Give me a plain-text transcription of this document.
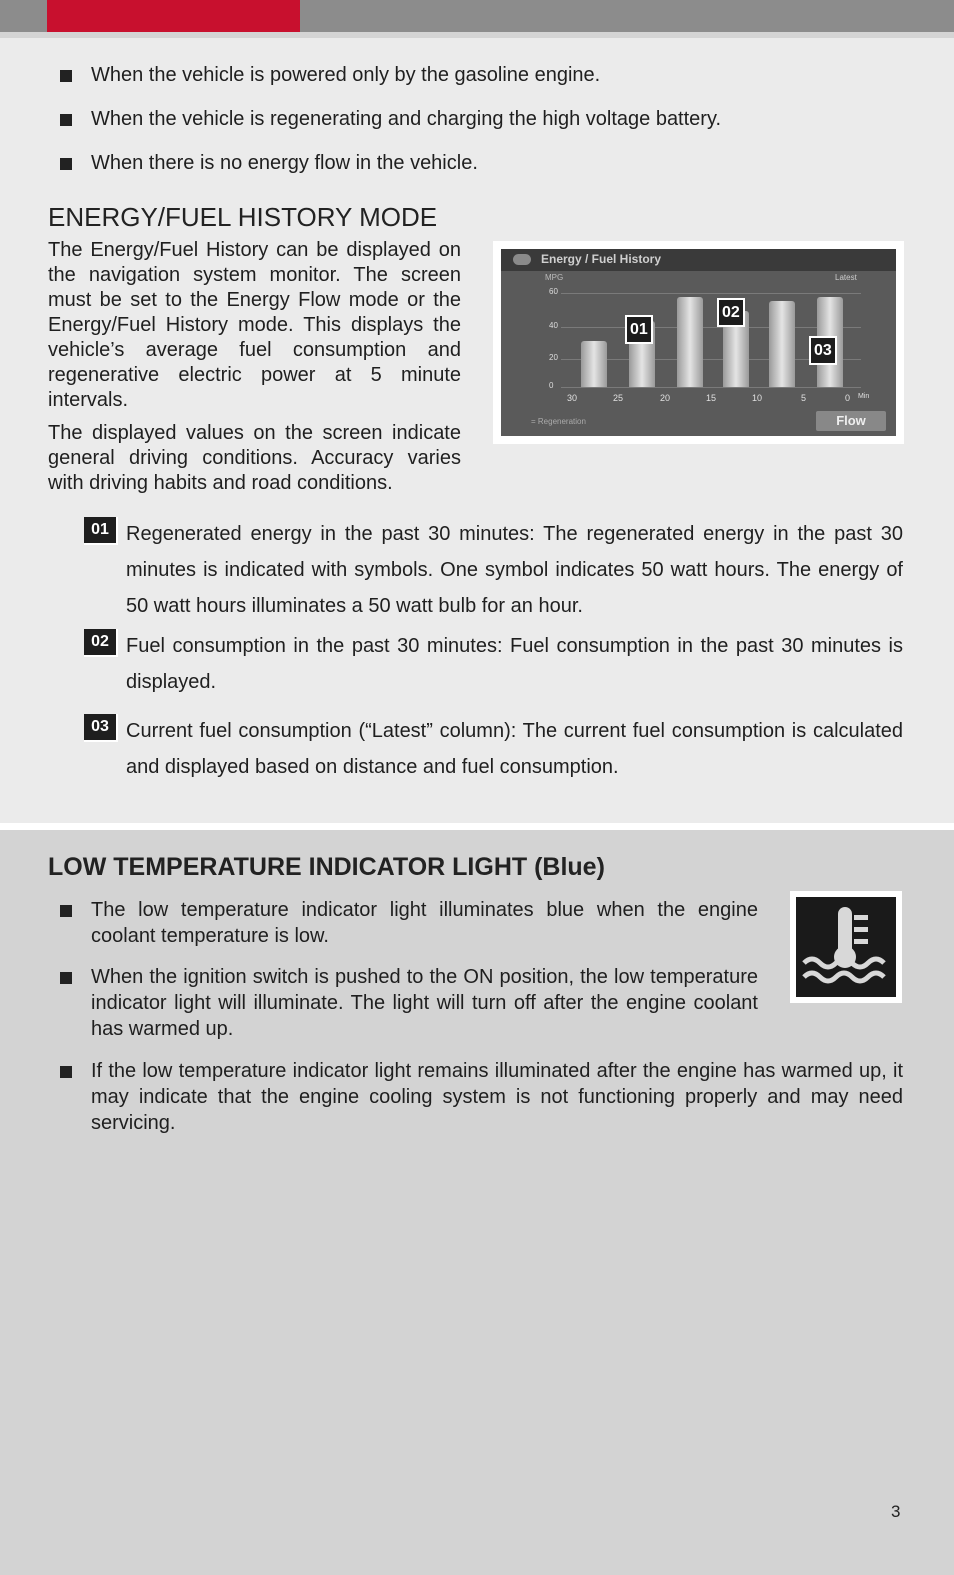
When the vehicle is powered only by the gasoline engine.
When the vehicle is regenerating and charging the high voltage battery.
When there is no energy flow in the vehicle.
ENERGY/FUEL HISTORY MODE
The Energy/Fuel History can be displayed on the navigation system monitor. The screen must be set to the Energy Flow mode or the Energy/Fuel History mode. This displays the vehicle’s average fuel consumption and regenerative electric power at 5 minute intervals.
The displayed values on the screen indicate general driving conditions. Accuracy varies with driving habits and road conditions.
Energy / Fuel History
MPG	Latest
60
40
20
0
30	25	20	15	10	5	0 Min
= Regeneration	Flow
01
02
03
01 Regenerated energy in the past 30 minutes: The regenerated energy in the past 30 minutes is indicated with symbols. One symbol indicates 50 watt hours. The energy of 50 watt hours illuminates a 50 watt bulb for an hour.
02 Fuel consumption in the past 30 minutes: Fuel consumption in the past 30 minutes is displayed.
03 Current fuel consumption (“Latest” column): The current fuel consumption is calculated and displayed based on distance and fuel consumption.
LOW TEMPERATURE INDICATOR LIGHT (Blue)
The low temperature indicator light illuminates blue when the engine coolant temperature is low.
When the ignition switch is pushed to the ON position, the low temperature indicator light will illuminate. The light will turn off after the engine coolant has warmed up.
If the low temperature indicator light remains illuminated after the engine has warmed up, it may indicate that the engine cooling system is not functioning properly and may need servicing.
3
